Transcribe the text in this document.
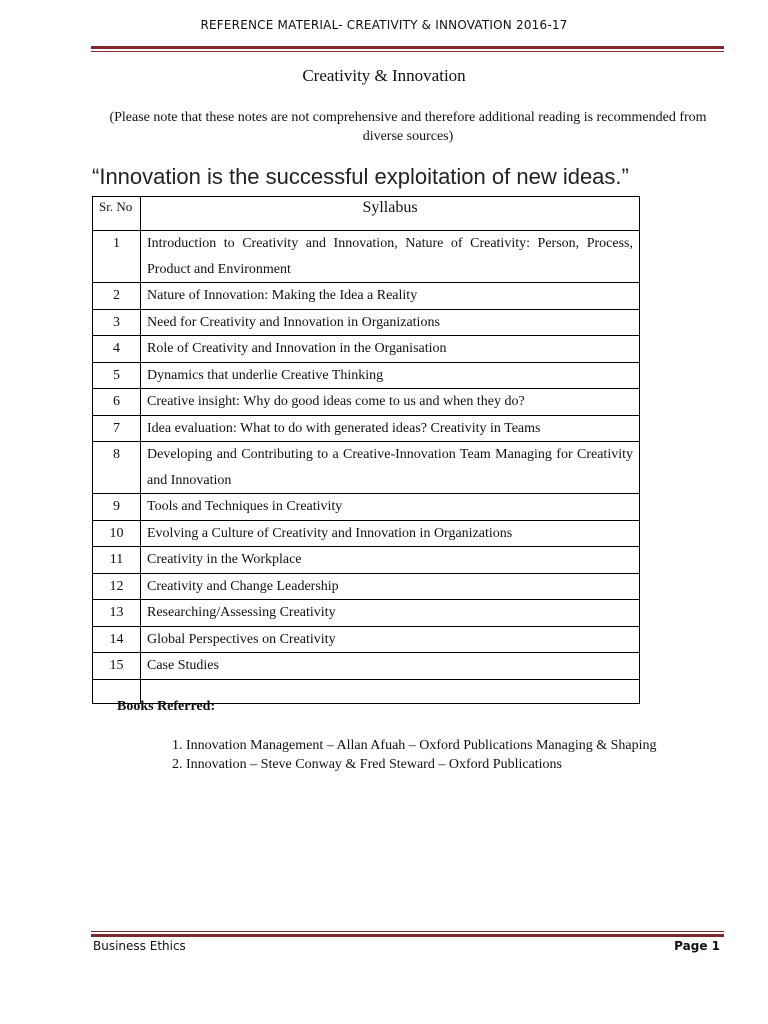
REFERENCE MATERIAL- CREATIVITY & INNOVATION 2016-17
Creativity & Innovation
(Please note that these notes are not comprehensive and therefore additional reading is recommended from diverse sources)
“Innovation is the successful exploitation of new ideas.”
Sr. No	Syllabus
1	Introduction to Creativity and Innovation, Nature of Creativity: Person, Process, Product and Environment
2	Nature of Innovation: Making the Idea a Reality
3	Need for Creativity and Innovation in Organizations
4	Role of Creativity and Innovation in the Organisation
5	Dynamics that underlie Creative Thinking
6	Creative insight: Why do good ideas come to us and when they do?
7	Idea evaluation: What to do with generated ideas? Creativity in Teams
8	Developing and Contributing to a Creative-Innovation Team Managing for Creativity and Innovation
9	Tools and Techniques in Creativity
10	Evolving a Culture of Creativity and Innovation in Organizations
11	Creativity in the Workplace
12	Creativity and Change Leadership
13	Researching/Assessing Creativity
14	Global Perspectives on Creativity
15	Case Studies

Books Referred:
1. Innovation Management – Allan Afuah – Oxford Publications Managing & Shaping
2. Innovation – Steve Conway & Fred Steward – Oxford Publications
Business Ethics	Page 1
